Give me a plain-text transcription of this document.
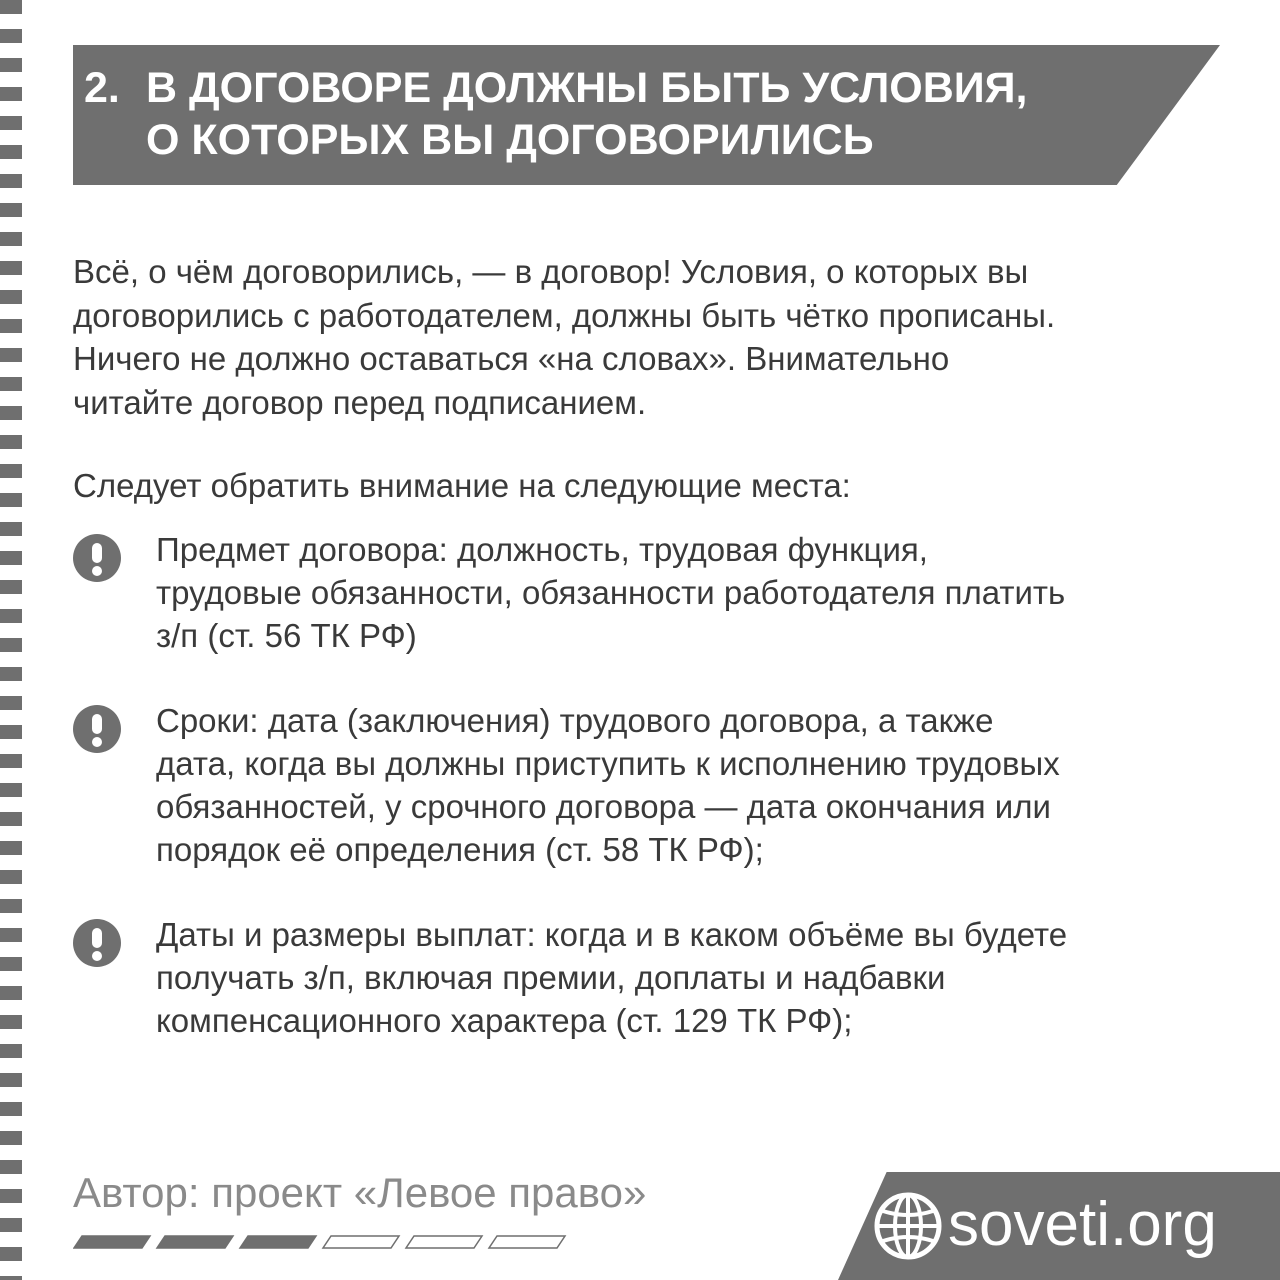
2. В ДОГОВОРЕ ДОЛЖНЫ БЫТЬ УСЛОВИЯ,
О КОТОРЫХ ВЫ ДОГОВОРИЛИСЬ
Всё, о чём договорились, — в договор! Условия, о которых вы
договорились с работодателем, должны быть чётко прописаны.
Ничего не должно оставаться «на словах». Внимательно
читайте договор перед подписанием.
Следует обратить внимание на следующие места:
Предмет договора: должность, трудовая функция,
трудовые обязанности, обязанности работодателя платить
з/п (ст. 56 ТК РФ)
Сроки: дата (заключения) трудового договора, а также
дата, когда вы должны приступить к исполнению трудовых
обязанностей, у срочного договора — дата окончания или
порядок её определения (ст. 58 ТК РФ);
Даты и размеры выплат: когда и в каком объёме вы будете
получать з/п, включая премии, доплаты и надбавки
компенсационного характера (ст. 129 ТК РФ);
Автор: проект «Левое право»	soveti.org
